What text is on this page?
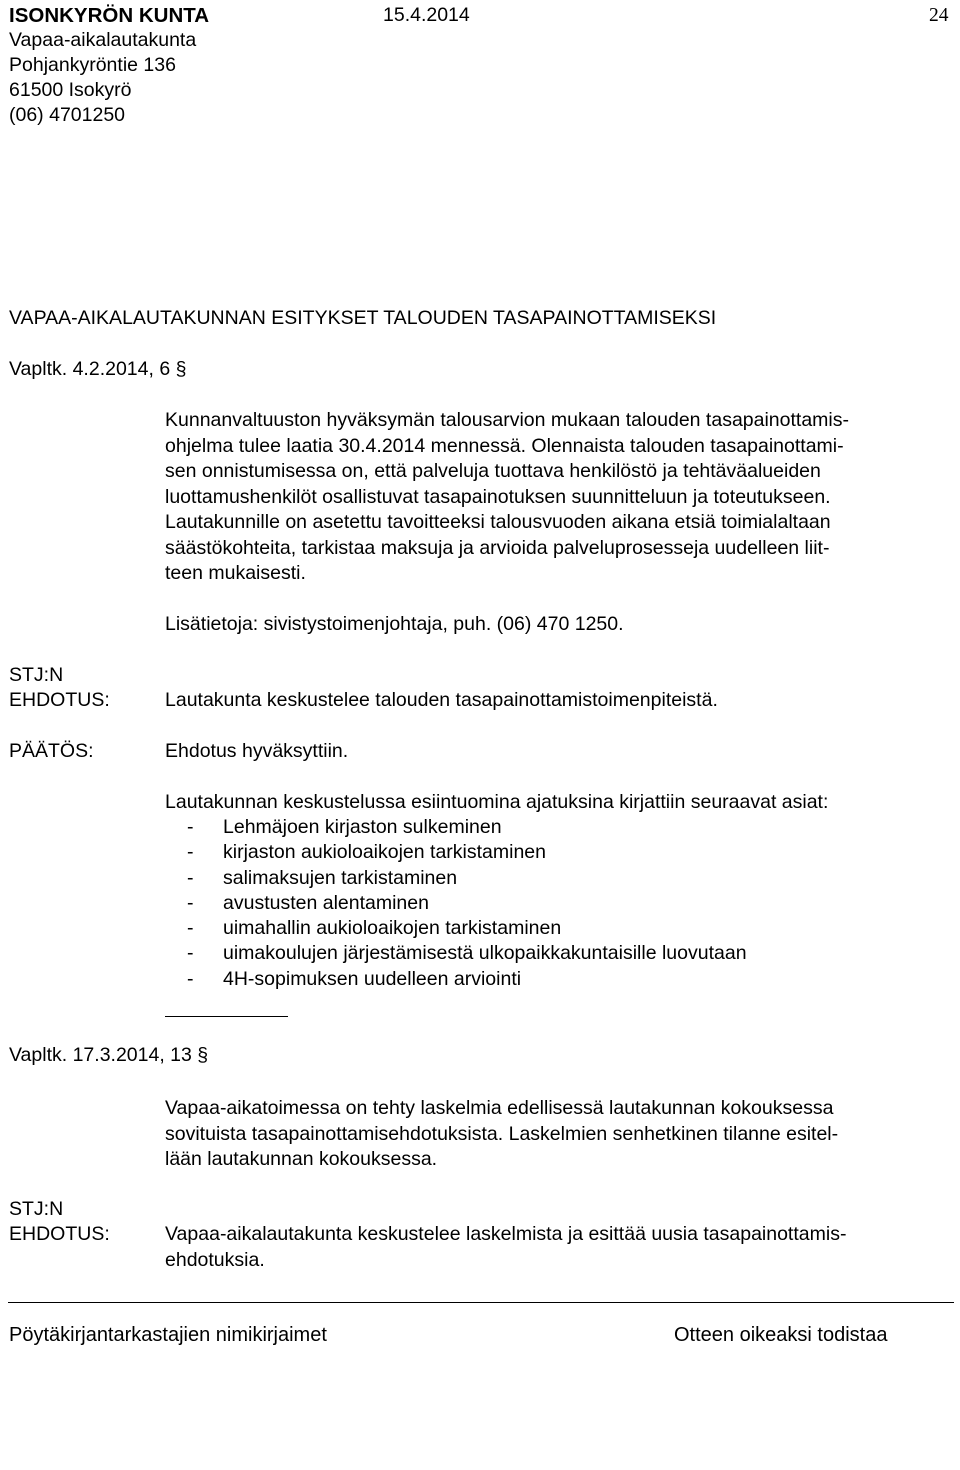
ISONKYRÖN KUNTA	15.4.2014	24
Vapaa-aikalautakunta
Pohjankyröntie 136
61500 Isokyrö
(06) 4701250
VAPAA-AIKALAUTAKUNNAN ESITYKSET TALOUDEN TASAPAINOTTAMISEKSI
Vapltk. 4.2.2014, 6 §
Kunnanvaltuuston hyväksymän talousarvion mukaan talouden tasapainottamis-
ohjelma tulee laatia 30.4.2014 mennessä. Olennaista talouden tasapainottami-
sen onnistumisessa on, että palveluja tuottava henkilöstö ja tehtäväalueiden
luottamushenkilöt osallistuvat tasapainotuksen suunnitteluun ja toteutukseen.
Lautakunnille on asetettu tavoitteeksi talousvuoden aikana etsiä toimialaltaan
säästökohteita, tarkistaa maksuja ja arvioida palveluprosesseja uudelleen liit-
teen mukaisesti.
Lisätietoja: sivistystoimenjohtaja, puh. (06) 470 1250.
STJ:N
EHDOTUS:	Lautakunta keskustelee talouden tasapainottamistoimenpiteistä.
PÄÄTÖS:	Ehdotus hyväksyttiin.
Lautakunnan keskustelussa esiintuomina ajatuksina kirjattiin seuraavat asiat:
- Lehmäjoen kirjaston sulkeminen
- kirjaston aukioloaikojen tarkistaminen
- salimaksujen tarkistaminen
- avustusten alentaminen
- uimahallin aukioloaikojen tarkistaminen
- uimakoulujen järjestämisestä ulkopaikkakuntaisille luovutaan
- 4H-sopimuksen uudelleen arviointi
Vapltk. 17.3.2014, 13 §
Vapaa-aikatoimessa on tehty laskelmia edellisessä lautakunnan kokouksessa
sovituista tasapainottamisehdotuksista. Laskelmien senhetkinen tilanne esitel-
lään lautakunnan kokouksessa.
STJ:N
EHDOTUS:	Vapaa-aikalautakunta keskustelee laskelmista ja esittää uusia tasapainottamis-
ehdotuksia.
Pöytäkirjantarkastajien nimikirjaimet	Otteen oikeaksi todistaa
